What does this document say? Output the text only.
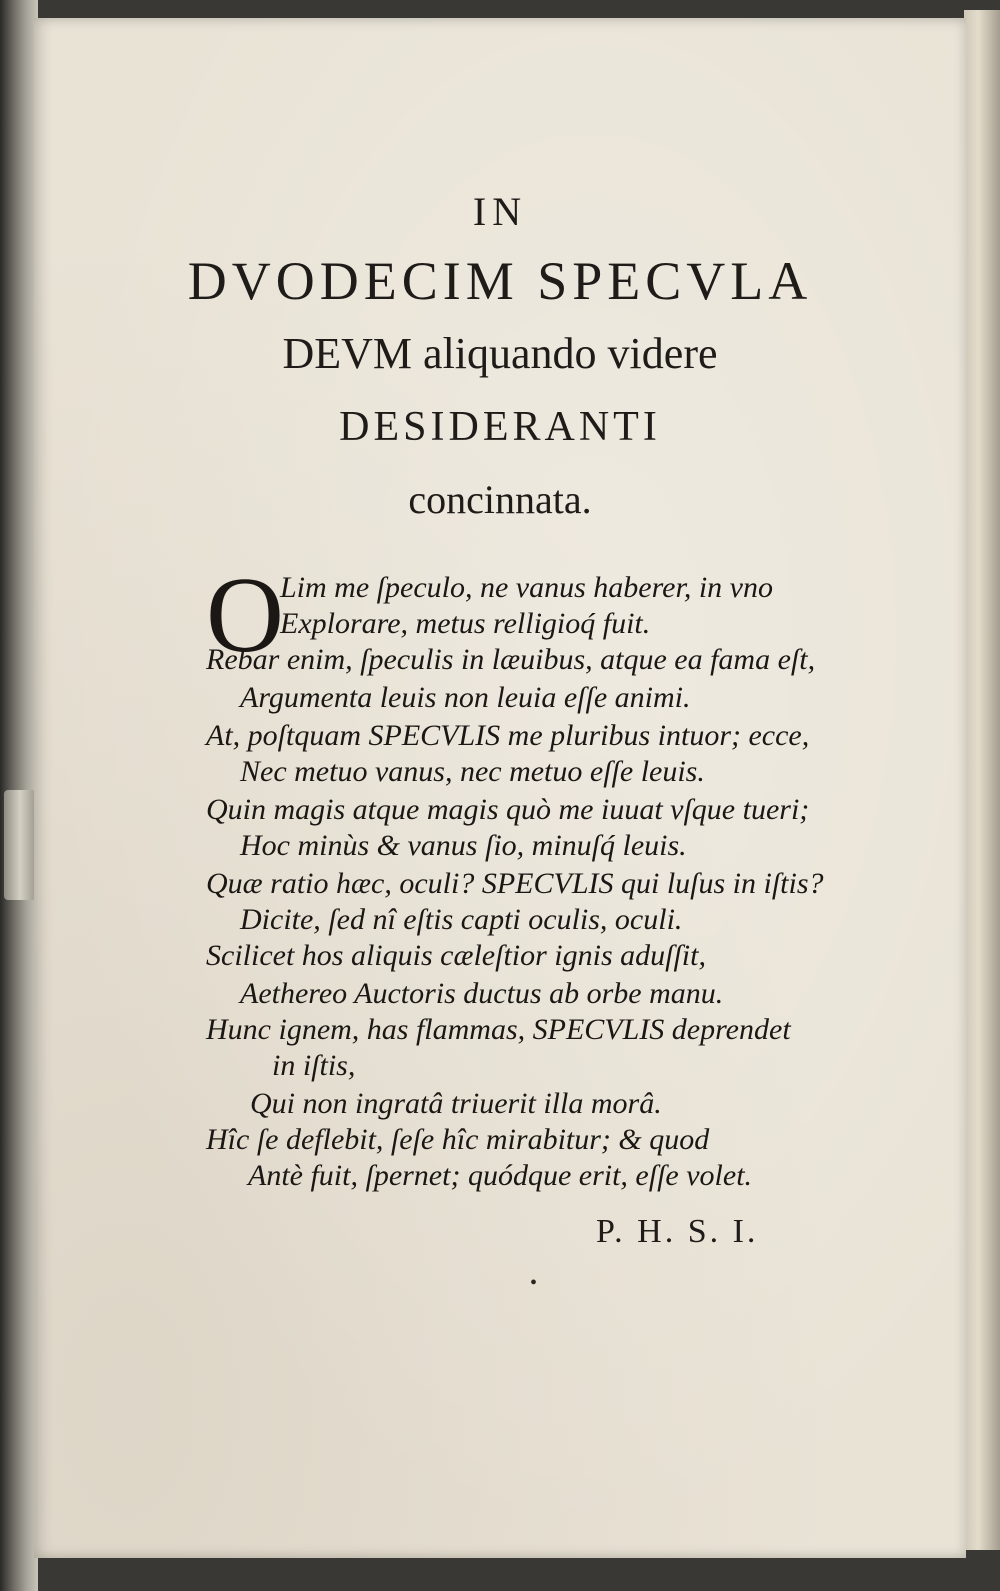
IN
DVODECIM SPECVLA
DEVM aliquando videre
DESIDERANTI
concinnata.
O
Lim me ſpeculo, ne vanus haberer, in vno
Explorare, metus relligioq́ fuit.
Rebar enim, ſpeculis in læuibus, atque ea fama eſt,
Argumenta leuis non leuia eſſe animi.
At, poſtquam SPECVLIS me pluribus intuor; ecce,
Nec metuo vanus, nec metuo eſſe leuis.
Quin magis atque magis quò me iuuat vſque tueri;
Hoc minùs & vanus ſio, minuſq́ leuis.
Quæ ratio hæc, oculi? SPECVLIS qui luſus in iſtis?
Dicite, ſed nî eſtis capti oculis, oculi.
Scilicet hos aliquis cæleſtior ignis aduſſit,
Aethereo Auctoris ductus ab orbe manu.
Hunc ignem, has flammas, SPECVLIS deprendet
in iſtis,
Qui non ingratâ triuerit illa morâ.
Hîc ſe deflebit, ſeſe hîc mirabitur; & quod
Antè fuit, ſpernet; quódque erit, eſſe volet.
P. H. S. I.
•
